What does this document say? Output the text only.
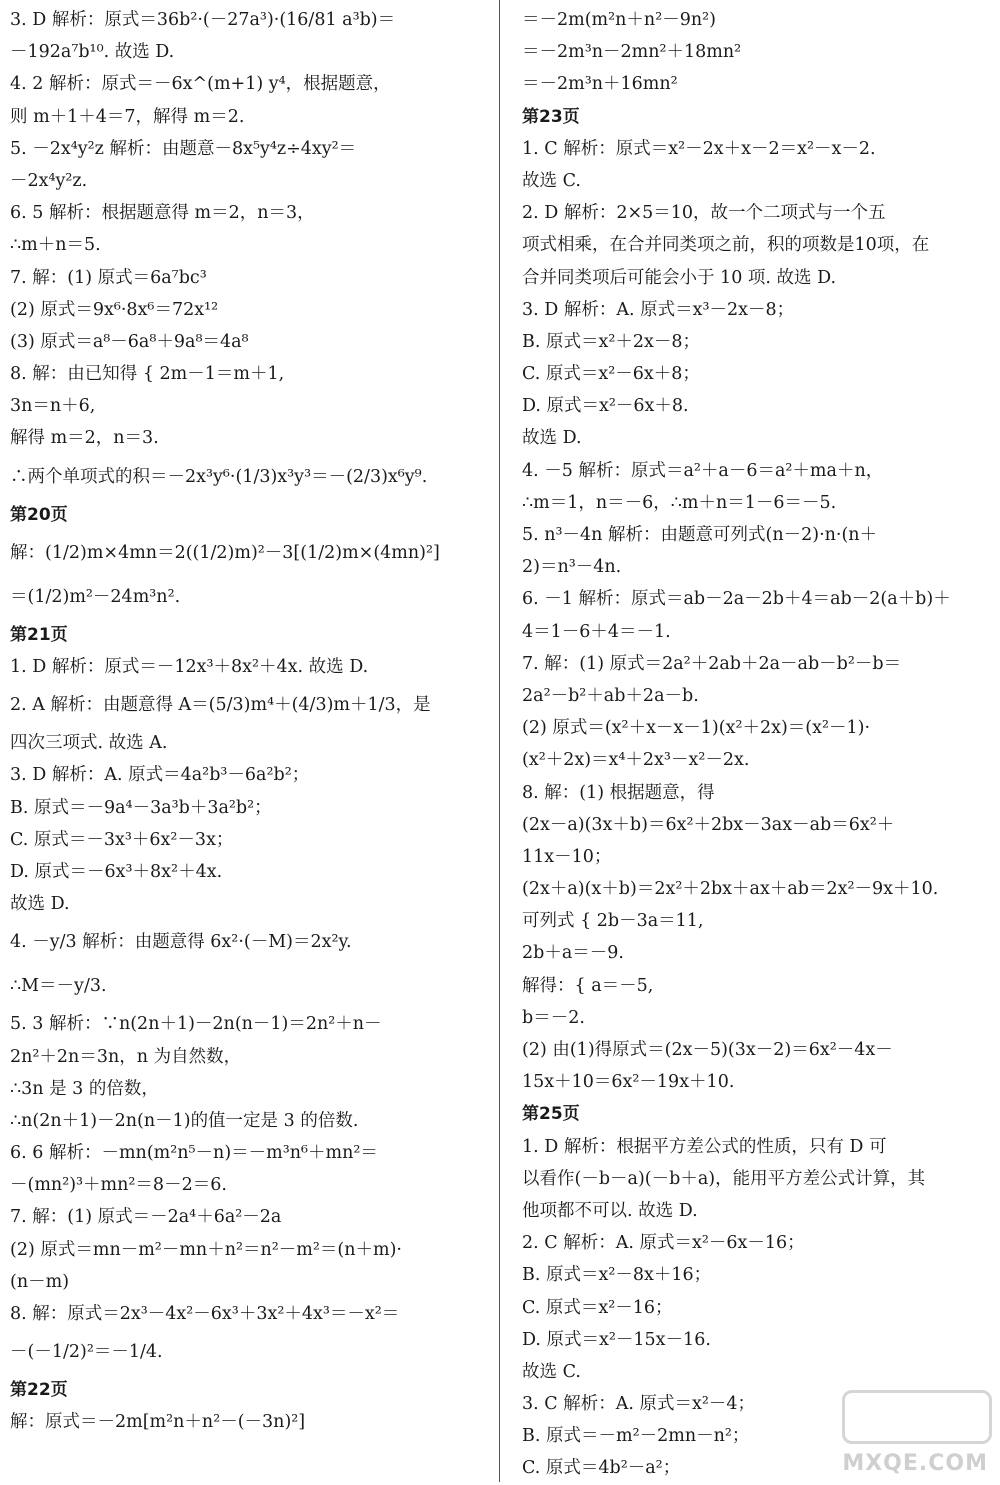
3. D 解析：原式＝36b²·(－27a³)·(16/81 a³b)＝
－192a⁷b¹⁰. 故选 D.
4. 2 解析：原式＝－6x^(m+1) y⁴，根据题意，
则 m＋1＋4＝7，解得 m＝2.
5. －2x⁴y²z 解析：由题意－8x⁵y⁴z÷4xy²＝
－2x⁴y²z.
6. 5 解析：根据题意得 m＝2，n＝3，
∴m＋n＝5.
7. 解：(1) 原式＝6a⁷bc³
(2) 原式＝9x⁶·8x⁶＝72x¹²
(3) 原式＝a⁸－6a⁸＋9a⁸＝4a⁸
8. 解：由已知得 { 2m－1＝m＋1,
3n＝n＋6,
解得 m＝2，n＝3.
∴两个单项式的积＝－2x³y⁶·(1/3)x³y³＝－(2/3)x⁶y⁹.
第20页
解：(1/2)m×4mn＝2((1/2)m)²－3[(1/2)m×(4mn)²]
＝(1/2)m²－24m³n².
第21页
1. D 解析：原式＝－12x³＋8x²＋4x. 故选 D.
2. A 解析：由题意得 A＝(5/3)m⁴＋(4/3)m＋1/3，是
四次三项式. 故选 A.
3. D 解析：A. 原式＝4a²b³－6a²b²；
B. 原式＝－9a⁴－3a³b＋3a²b²；
C. 原式＝－3x³＋6x²－3x；
D. 原式＝－6x³＋8x²＋4x.
故选 D.
4. －y/3 解析：由题意得 6x²·(－M)＝2x²y.
∴M＝－y/3.
5. 3 解析：∵n(2n＋1)－2n(n－1)＝2n²＋n－
2n²＋2n＝3n，n 为自然数，
∴3n 是 3 的倍数，
∴n(2n＋1)－2n(n－1)的值一定是 3 的倍数.
6. 6 解析：－mn(m²n⁵－n)＝－m³n⁶＋mn²＝
－(mn²)³＋mn²＝8－2＝6.
7. 解：(1) 原式＝－2a⁴＋6a²－2a
(2) 原式＝mn－m²－mn＋n²＝n²－m²＝(n＋m)·
(n－m)
8. 解：原式＝2x³－4x²－6x³＋3x²＋4x³＝－x²＝
－(－1/2)²＝－1/4.
第22页
解：原式＝－2m[m²n＋n²－(－3n)²]
＝－2m(m²n＋n²－9n²)
＝－2m³n－2mn²＋18mn²
＝－2m³n＋16mn²
第23页
1. C 解析：原式＝x²－2x＋x－2＝x²－x－2.
故选 C.
2. D 解析：2×5＝10，故一个二项式与一个五
项式相乘，在合并同类项之前，积的项数是10项，在
合并同类项后可能会小于 10 项. 故选 D.
3. D 解析：A. 原式＝x³－2x－8；
B. 原式＝x²＋2x－8；
C. 原式＝x²－6x＋8；
D. 原式＝x²－6x＋8.
故选 D.
4. －5 解析：原式＝a²＋a－6＝a²＋ma＋n，
∴m＝1，n＝－6，∴m＋n＝1－6＝－5.
5. n³－4n 解析：由题意可列式(n－2)·n·(n＋
2)＝n³－4n.
6. －1 解析：原式＝ab－2a－2b＋4＝ab－2(a＋b)＋
4＝1－6＋4＝－1.
7. 解：(1) 原式＝2a²＋2ab＋2a－ab－b²－b＝
2a²－b²＋ab＋2a－b.
(2) 原式＝(x²＋x－x－1)(x²＋2x)＝(x²－1)·
(x²＋2x)＝x⁴＋2x³－x²－2x.
8. 解：(1) 根据题意，得
(2x－a)(3x＋b)＝6x²＋2bx－3ax－ab＝6x²＋
11x－10；
(2x＋a)(x＋b)＝2x²＋2bx＋ax＋ab＝2x²－9x＋10.
可列式 { 2b－3a＝11,
2b＋a＝－9.
解得：{ a＝－5,
b＝－2.
(2) 由(1)得原式＝(2x－5)(3x－2)＝6x²－4x－
15x＋10＝6x²－19x＋10.
第25页
1. D 解析：根据平方差公式的性质，只有 D 可
以看作(－b－a)(－b＋a)，能用平方差公式计算，其
他项都不可以. 故选 D.
2. C 解析：A. 原式＝x²－6x－16；
B. 原式＝x²－8x＋16；
C. 原式＝x²－16；
D. 原式＝x²－15x－16.
故选 C.
3. C 解析：A. 原式＝x²－4；
B. 原式＝－m²－2mn－n²；
C. 原式＝4b²－a²；	MXQE.COM
